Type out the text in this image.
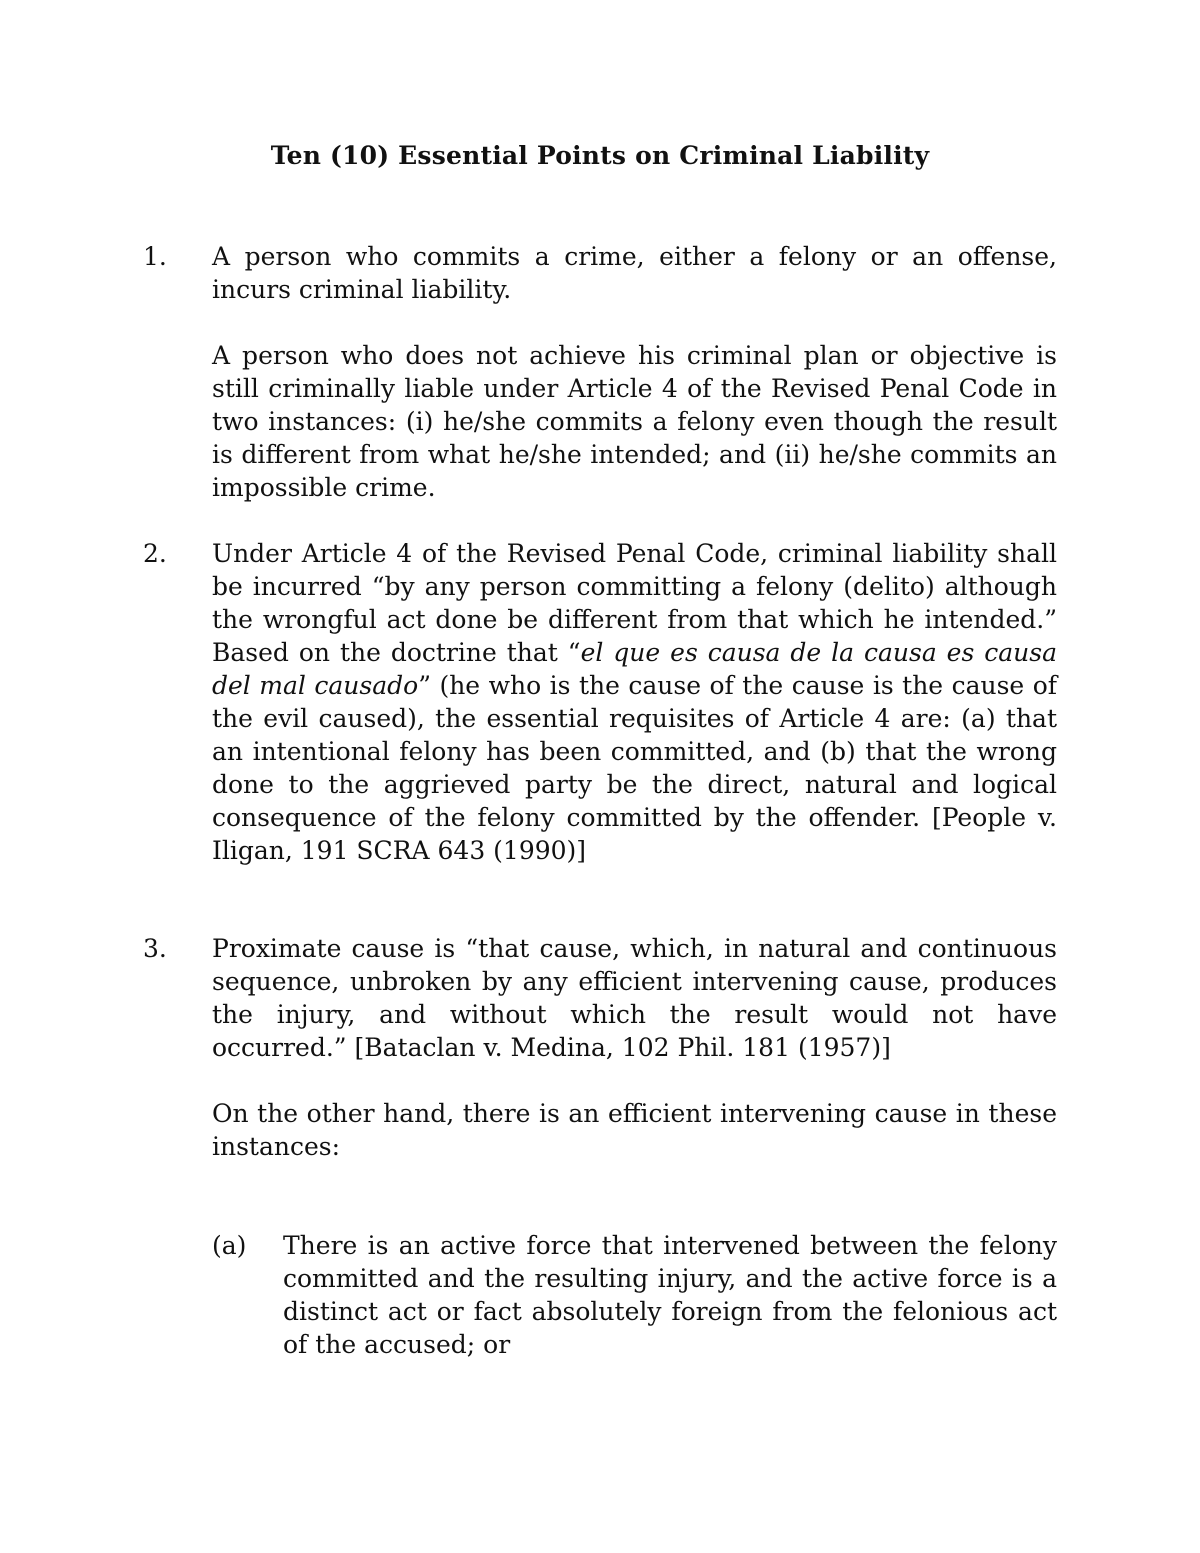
Ten (10) Essential Points on Criminal Liability
1.	A person who commits a crime, either a felony or an offense, incurs criminal liability.
A person who does not achieve his criminal plan or objective is still criminally liable under Article 4 of the Revised Penal Code in two instances: (i) he/she commits a felony even though the result is different from what he/she intended; and (ii) he/she commits an impossible crime.
2.	Under Article 4 of the Revised Penal Code, criminal liability shall be incurred “by any person committing a felony (delito) although the wrongful act done be different from that which he intended.” Based on the doctrine that “el que es causa de la causa es causa del mal causado” (he who is the cause of the cause is the cause of the evil caused), the essential requisites of Article 4 are: (a) that an intentional felony has been committed, and (b) that the wrong done to the aggrieved party be the direct, natural and logical consequence of the felony committed by the offender. [People v. Iligan, 191 SCRA 643 (1990)]
3.	Proximate cause is “that cause, which, in natural and continuous sequence, unbroken by any efficient intervening cause, produces the injury, and without which the result would not have occurred.” [Bataclan v. Medina, 102 Phil. 181 (1957)]
On the other hand, there is an efficient intervening cause in these instances:
(a)	There is an active force that intervened between the felony committed and the resulting injury, and the active force is a distinct act or fact absolutely foreign from the felonious act of the accused; or
